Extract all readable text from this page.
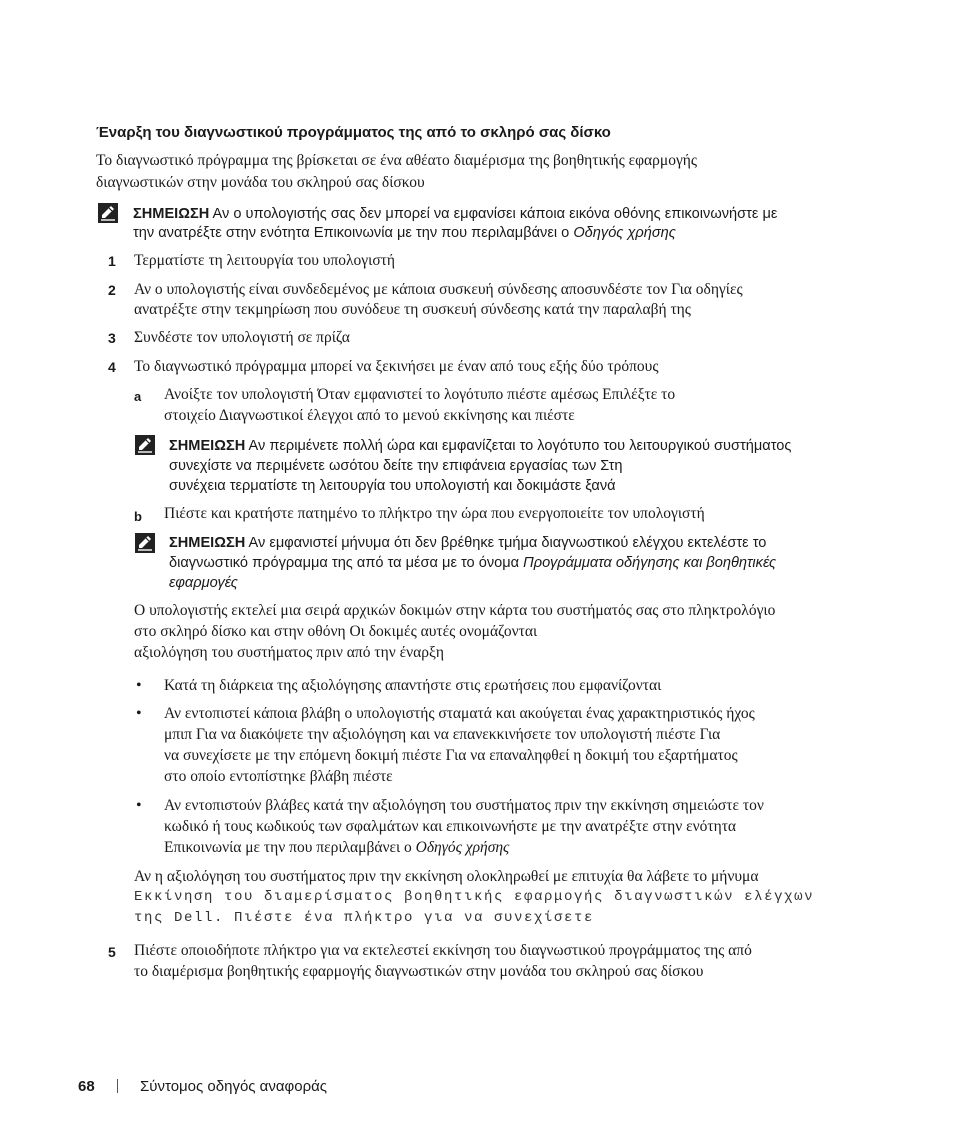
Έναρξη του διαγνωστικού προγράμματος της από το σκληρό σας δίσκο
Το διαγνωστικό πρόγραμμα της βρίσκεται σε ένα αθέατο διαμέρισμα της βοηθητικής εφαρμογής
διαγνωστικών στην μονάδα του σκληρού σας δίσκου
ΣΗΜΕΙΩΣΗ Αν ο υπολογιστής σας δεν μπορεί να εμφανίσει κάποια εικόνα οθόνης επικοινωνήστε με
την ανατρέξτε στην ενότητα Επικοινωνία με την που περιλαμβάνει ο Οδηγός χρήσης
1 Τερματίστε τη λειτουργία του υπολογιστή
2 Αν ο υπολογιστής είναι συνδεδεμένος με κάποια συσκευή σύνδεσης αποσυνδέστε τον Για οδηγίες
ανατρέξτε στην τεκμηρίωση που συνόδευε τη συσκευή σύνδεσης κατά την παραλαβή της
3 Συνδέστε τον υπολογιστή σε πρίζα
4 Το διαγνωστικό πρόγραμμα μπορεί να ξεκινήσει με έναν από τους εξής δύο τρόπους
a Ανοίξτε τον υπολογιστή Όταν εμφανιστεί το λογότυπο πιέστε αμέσως Επιλέξτε το
στοιχείο Διαγνωστικοί έλεγχοι από το μενού εκκίνησης και πιέστε
ΣΗΜΕΙΩΣΗ Αν περιμένετε πολλή ώρα και εμφανίζεται το λογότυπο του λειτουργικού συστήματος
συνεχίστε να περιμένετε ωσότου δείτε την επιφάνεια εργασίας των Στη
συνέχεια τερματίστε τη λειτουργία του υπολογιστή και δοκιμάστε ξανά
b Πιέστε και κρατήστε πατημένο το πλήκτρο την ώρα που ενεργοποιείτε τον υπολογιστή
ΣΗΜΕΙΩΣΗ Αν εμφανιστεί μήνυμα ότι δεν βρέθηκε τμήμα διαγνωστικού ελέγχου εκτελέστε το
διαγνωστικό πρόγραμμα της από τα μέσα με το όνομα Προγράμματα οδήγησης και βοηθητικές
εφαρμογές
Ο υπολογιστής εκτελεί μια σειρά αρχικών δοκιμών στην κάρτα του συστήματός σας στο πληκτρολόγιο
στο σκληρό δίσκο και στην οθόνη Οι δοκιμές αυτές ονομάζονται
αξιολόγηση του συστήματος πριν από την έναρξη
• Κατά τη διάρκεια της αξιολόγησης απαντήστε στις ερωτήσεις που εμφανίζονται
• Αν εντοπιστεί κάποια βλάβη ο υπολογιστής σταματά και ακούγεται ένας χαρακτηριστικός ήχος
μπιπ Για να διακόψετε την αξιολόγηση και να επανεκκινήσετε τον υπολογιστή πιέστε Για
να συνεχίσετε με την επόμενη δοκιμή πιέστε Για να επαναληφθεί η δοκιμή του εξαρτήματος
στο οποίο εντοπίστηκε βλάβη πιέστε
• Αν εντοπιστούν βλάβες κατά την αξιολόγηση του συστήματος πριν την εκκίνηση σημειώστε τον
κωδικό ή τους κωδικούς των σφαλμάτων και επικοινωνήστε με την ανατρέξτε στην ενότητα
Επικοινωνία με την που περιλαμβάνει ο Οδηγός χρήσης
Αν η αξιολόγηση του συστήματος πριν την εκκίνηση ολοκληρωθεί με επιτυχία θα λάβετε το μήνυμα
Εκκίνηση του διαμερίσματος βοηθητικής εφαρμογής διαγνωστικών ελέγχων
της Dell. Πιέστε ένα πλήκτρο για να συνεχίσετε
5 Πιέστε οποιοδήποτε πλήκτρο για να εκτελεστεί εκκίνηση του διαγνωστικού προγράμματος της από
το διαμέρισμα βοηθητικής εφαρμογής διαγνωστικών στην μονάδα του σκληρού σας δίσκου
68	Σύντομος οδηγός αναφοράς
